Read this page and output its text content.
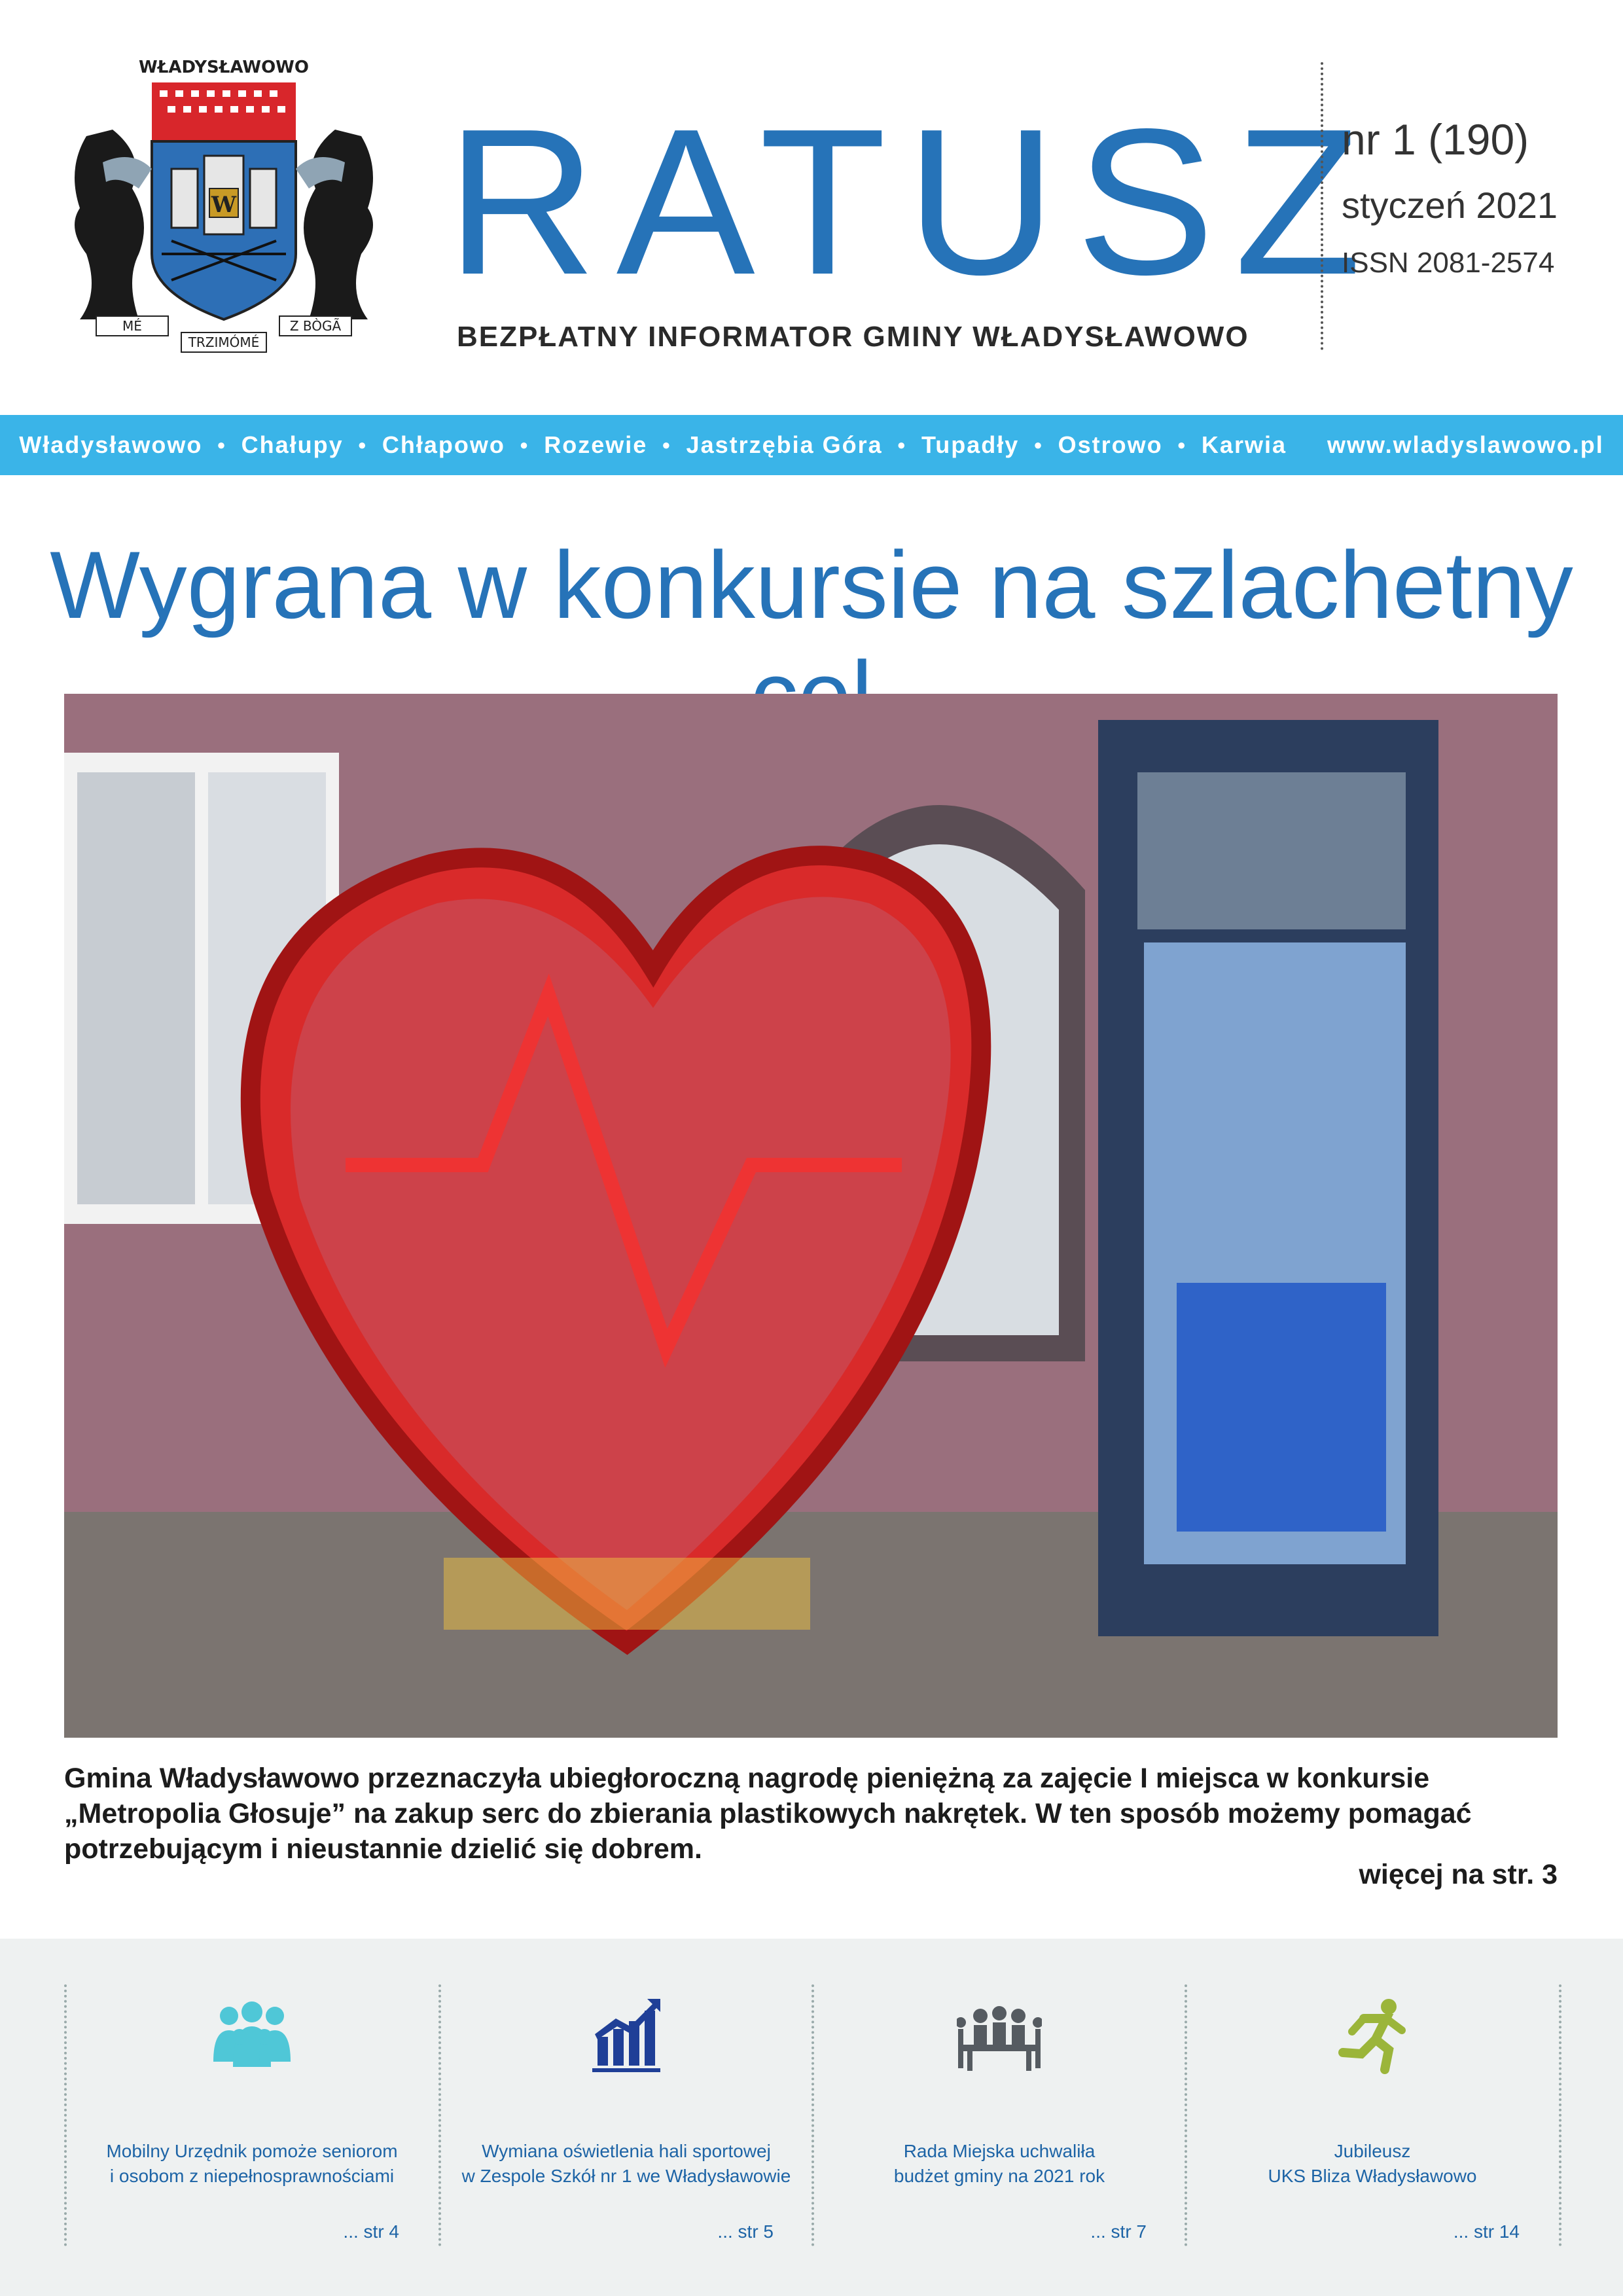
W
WŁADYSŁAWOWO
MÉ	Z BÒGÃ
TRZIMÓMÉ
RATUSZ
BEZPŁATNY INFORMATOR GMINY WŁADYSŁAWOWO
nr 1 (190)
styczeń 2021
ISSN 2081-2574
Władysławowo ● Chałupy ● Chłapowo ● Rozewie ● Jastrzębia Góra ● Tupadły ● Ostrowo ● Karwia www.wladyslawowo.pl
Wygrana w konkursie na szlachetny
Gmina Władysławowo przeznaczyła ubiegłoroczną nagrodę pieniężną za zajęcie I miejsca w konkursie „Metropolia Głosuje” na zakup serc do zbierania plastikowych nakrętek. W ten sposób możemy pomagać potrzebującym i nieustannie dzielić się dobrem.
więcej na str. 3
Mobilny Urzędnik pomoże seniorom
i osobom z niepełnosprawnościami
... str 4
Wymiana oświetlenia hali sportowej
w Zespole Szkół nr 1 we Władysławowie
... str 5
Rada Miejska uchwaliła
budżet gminy na 2021 rok
... str 7
Jubileusz
UKS Bliza Władysławowo
... str 14
